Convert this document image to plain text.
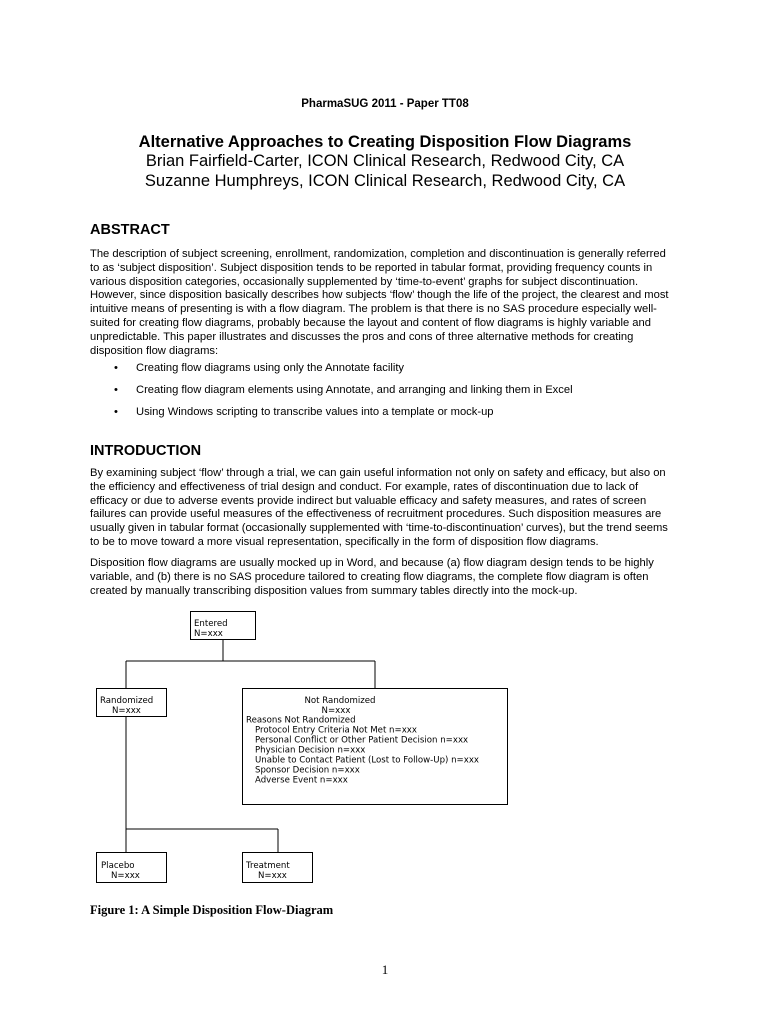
PharmaSUG 2011 - Paper TT08
Alternative Approaches to Creating Disposition Flow Diagrams
Brian Fairfield-Carter, ICON Clinical Research, Redwood City, CA
Suzanne Humphreys, ICON Clinical Research, Redwood City, CA
ABSTRACT
The description of subject screening, enrollment, randomization, completion and discontinuation is generally referred
to as ‘subject disposition’. Subject disposition tends to be reported in tabular format, providing frequency counts in
various disposition categories, occasionally supplemented by ‘time-to-event’ graphs for subject discontinuation.
However, since disposition basically describes how subjects ‘flow’ though the life of the project, the clearest and most
intuitive means of presenting is with a flow diagram. The problem is that there is no SAS procedure especially well-
suited for creating flow diagrams, probably because the layout and content of flow diagrams is highly variable and
unpredictable. This paper illustrates and discusses the pros and cons of three alternative methods for creating
disposition flow diagrams:
• Creating flow diagrams using only the Annotate facility
• Creating flow diagram elements using Annotate, and arranging and linking them in Excel
• Using Windows scripting to transcribe values into a template or mock-up
INTRODUCTION
By examining subject ‘flow’ through a trial, we can gain useful information not only on safety and efficacy, but also on
the efficiency and effectiveness of trial design and conduct. For example, rates of discontinuation due to lack of
efficacy or due to adverse events provide indirect but valuable efficacy and safety measures, and rates of screen
failures can provide useful measures of the effectiveness of recruitment procedures. Such disposition measures are
usually given in tabular format (occasionally supplemented with ‘time-to-discontinuation’ curves), but the trend seems
to be to move toward a more visual representation, specifically in the form of disposition flow diagrams.
Disposition flow diagrams are usually mocked up in Word, and because (a) flow diagram design tends to be highly
variable, and (b) there is no SAS procedure tailored to creating flow diagrams, the complete flow diagram is often
created by manually transcribing disposition values from summary tables directly into the mock-up.
Entered
N=xxx
Randomized
N=xxx
Not Randomized
N=xxx
Reasons Not Randomized
Protocol Entry Criteria Not Met n=xxx
Personal Conflict or Other Patient Decision n=xxx
Physician Decision n=xxx
Unable to Contact Patient (Lost to Follow-Up) n=xxx
Sponsor Decision n=xxx
Adverse Event n=xxx
Placebo
N=xxx
Treatment
N=xxx
Figure 1: A Simple Disposition Flow-Diagram
1
